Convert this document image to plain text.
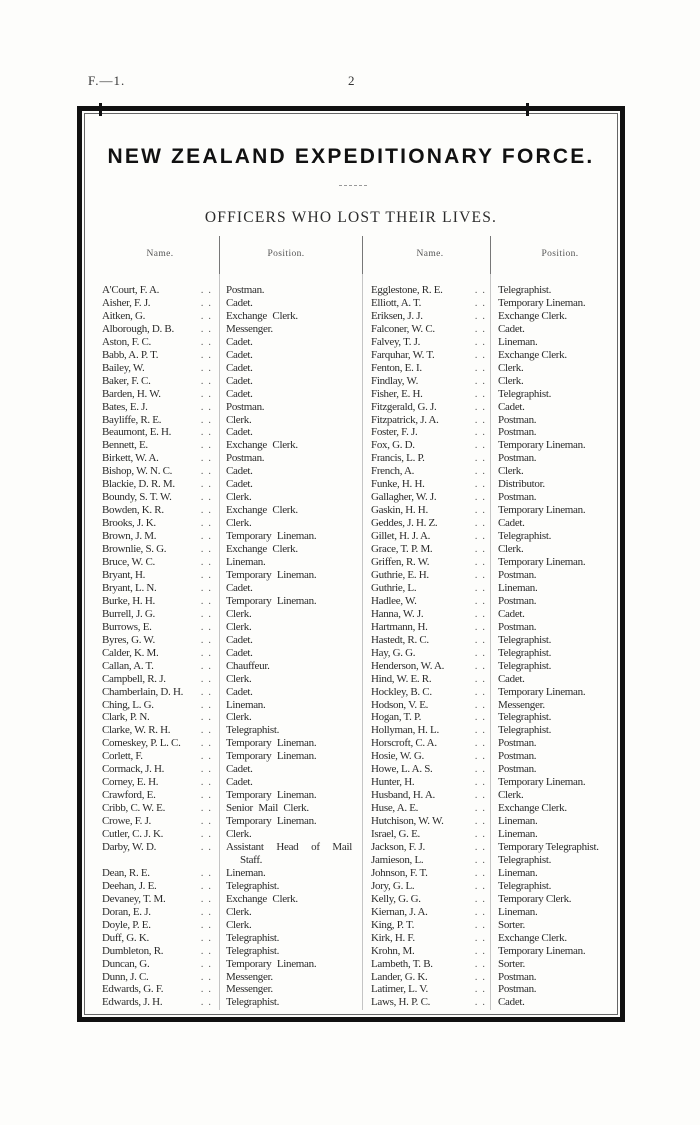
F.—1.	2
NEW ZEALAND EXPEDITIONARY FORCE.
OFFICERS WHO LOST THEIR LIVES.
Name.	Position.	Name.	Position.
A'Court, F. A. . .	Postman.
Aisher, F. J. . .	Cadet.
Aitken, G. . .	Exchange Clerk.
Alborough, D. B. . .	Messenger.
Aston, F. C. . .	Cadet.
Babb, A. P. T. . .	Cadet.
Bailey, W. . .	Cadet.
Baker, F. C. . .	Cadet.
Barden, H. W. . .	Cadet.
Bates, E. J. . .	Postman.
Bayliffe, R. E. . .	Clerk.
Beaumont, E. H. . .	Cadet.
Bennett, E. . .	Exchange Clerk.
Birkett, W. A. . .	Postman.
Bishop, W. N. C. . .	Cadet.
Blackie, D. R. M. . .	Cadet.
Boundy, S. T. W. . .	Clerk.
Bowden, K. R. . .	Exchange Clerk.
Brooks, J. K. . .	Clerk.
Brown, J. M. . .	Temporary Lineman.
Brownlie, S. G. . .	Exchange Clerk.
Bruce, W. C. . .	Lineman.
Bryant, H. . .	Temporary Lineman.
Bryant, L. N. . .	Cadet.
Burke, H. H. . .	Temporary Lineman.
Burrell, J. G. . .	Clerk.
Burrows, E. . .	Clerk.
Byres, G. W. . .	Cadet.
Calder, K. M. . .	Cadet.
Callan, A. T. . .	Chauffeur.
Campbell, R. J. . .	Clerk.
Chamberlain, D. H. . .	Cadet.
Ching, L. G. . .	Lineman.
Clark, P. N. . .	Clerk.
Clarke, W. R. H. . .	Telegraphist.
Comeskey, P. L. C. . .	Temporary Lineman.
Corlett, F. . .	Temporary Lineman.
Cormack, J. H. . .	Cadet.
Corney, E. H. . .	Cadet.
Crawford, E. . .	Temporary Lineman.
Cribb, C. W. E. . .	Senior Mail Clerk.
Crowe, F. J. . .	Temporary Lineman.
Cutler, C. J. K. . .	Clerk.
Darby, W. D. . .	Assistant Head of Mail Staff.
Dean, R. E. . .	Lineman.
Deehan, J. E. . .	Telegraphist.
Devaney, T. M. . .	Exchange Clerk.
Doran, E. J. . .	Clerk.
Doyle, P. E. . .	Clerk.
Duff, G. K. . .	Telegraphist.
Dumbleton, R. . .	Telegraphist.
Duncan, G. . .	Temporary Lineman.
Dunn, J. C. . .	Messenger.
Edwards, G. F. . .	Messenger.
Edwards, J. H. . .	Telegraphist.
Egglestone, R. E. . .	Telegraphist.
Elliott, A. T. . .	Temporary Lineman.
Eriksen, J. J. . .	Exchange Clerk.
Falconer, W. C. . .	Cadet.
Falvey, T. J. . .	Lineman.
Farquhar, W. T. . .	Exchange Clerk.
Fenton, E. I. . .	Clerk.
Findlay, W. . .	Clerk.
Fisher, E. H. . .	Telegraphist.
Fitzgerald, G. J. . .	Cadet.
Fitzpatrick, J. A. . .	Postman.
Foster, F. J. . .	Postman.
Fox, G. D. . .	Temporary Lineman.
Francis, L. P. . .	Postman.
French, A. . .	Clerk.
Funke, H. H. . .	Distributor.
Gallagher, W. J. . .	Postman.
Gaskin, H. H. . .	Temporary Lineman.
Geddes, J. H. Z. . .	Cadet.
Gillet, H. J. A. . .	Telegraphist.
Grace, T. P. M. . .	Clerk.
Griffen, R. W. . .	Temporary Lineman.
Guthrie, E. H. . .	Postman.
Guthrie, L. . .	Lineman.
Hadlee, W. . .	Postman.
Hanna, W. J. . .	Cadet.
Hartmann, H. . .	Postman.
Hastedt, R. C. . .	Telegraphist.
Hay, G. G. . .	Telegraphist.
Henderson, W. A. . .	Telegraphist.
Hind, W. E. R. . .	Cadet.
Hockley, B. C. . .	Temporary Lineman.
Hodson, V. E. . .	Messenger.
Hogan, T. P. . .	Telegraphist.
Hollyman, H. L. . .	Telegraphist.
Horscroft, C. A. . .	Postman.
Hosie, W. G. . .	Postman.
Howe, L. A. S. . .	Postman.
Hunter, H. . .	Temporary Lineman.
Husband, H. A. . .	Clerk.
Huse, A. E. . .	Exchange Clerk.
Hutchison, W. W. . .	Lineman.
Israel, G. E. . .	Lineman.
Jackson, F. J. . .	Temporary Telegraphist.
Jamieson, L. . .	Telegraphist.
Johnson, F. T. . .	Lineman.
Jory, G. L. . .	Telegraphist.
Kelly, G. G. . .	Temporary Clerk.
Kiernan, J. A. . .	Lineman.
King, P. T. . .	Sorter.
Kirk, H. F. . .	Exchange Clerk.
Krohn, M. . .	Temporary Lineman.
Lambeth, T. B. . .	Sorter.
Lander, G. K. . .	Postman.
Latimer, L. V. . .	Postman.
Laws, H. P. C. . .	Cadet.
